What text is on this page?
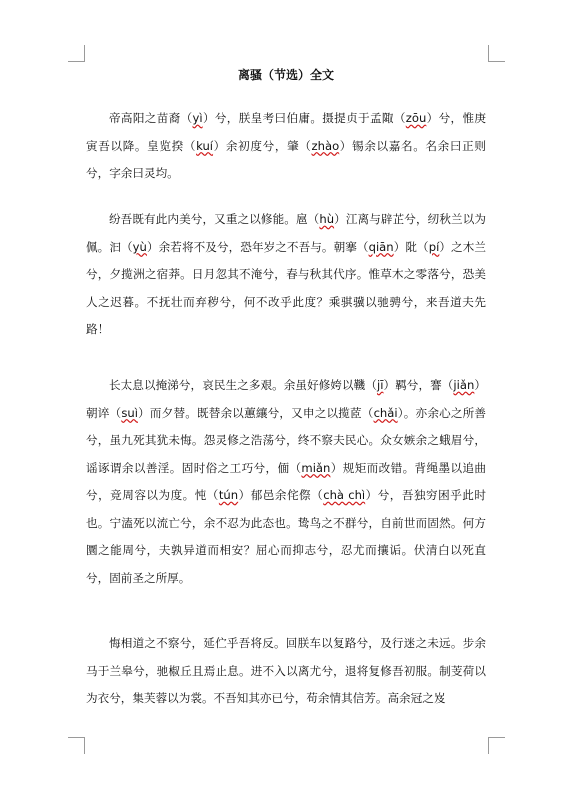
离骚（节选）全文

帝高阳之苗裔（yì）兮，朕皇考曰伯庸。摄提贞于孟陬（zōu）兮，惟庚寅吾以降。皇览揆（kuí）余初度兮，肇（zhào）锡余以嘉名。名余曰正则兮，字余曰灵均。

纷吾既有此内美兮，又重之以修能。扈（hù）江离与辟芷兮，纫秋兰以为佩。汩（yù）余若将不及兮，恐年岁之不吾与。朝搴（qiān）阰（pí）之木兰兮，夕揽洲之宿莽。日月忽其不淹兮，春与秋其代序。惟草木之零落兮，恐美人之迟暮。不抚壮而弃秽兮，何不改乎此度？乘骐骥以驰骋兮，来吾道夫先路！

长太息以掩涕兮，哀民生之多艰。余虽好修姱以鞿（jī）羁兮，謇（jiǎn）朝谇（suì）而夕替。既替余以蕙纕兮，又申之以揽茝（chǎi）。亦余心之所善兮，虽九死其犹未悔。怨灵修之浩荡兮，终不察夫民心。众女嫉余之蛾眉兮，谣诼谓余以善淫。固时俗之工巧兮，偭（miǎn）规矩而改错。背绳墨以追曲兮，竞周容以为度。忳（tún）郁邑余侘傺（chà chì）兮，吾独穷困乎此时也。宁溘死以流亡兮，余不忍为此态也。鸷鸟之不群兮，自前世而固然。何方圜之能周兮，夫孰异道而相安？屈心而抑志兮，忍尤而攘诟。伏清白以死直兮，固前圣之所厚。

悔相道之不察兮，延伫乎吾将反。回朕车以复路兮，及行迷之未远。步余马于兰皋兮，驰椒丘且焉止息。进不入以离尤兮，退将复修吾初服。制芰荷以为衣兮，集芙蓉以为裳。不吾知其亦已兮，苟余情其信芳。高余冠之岌
